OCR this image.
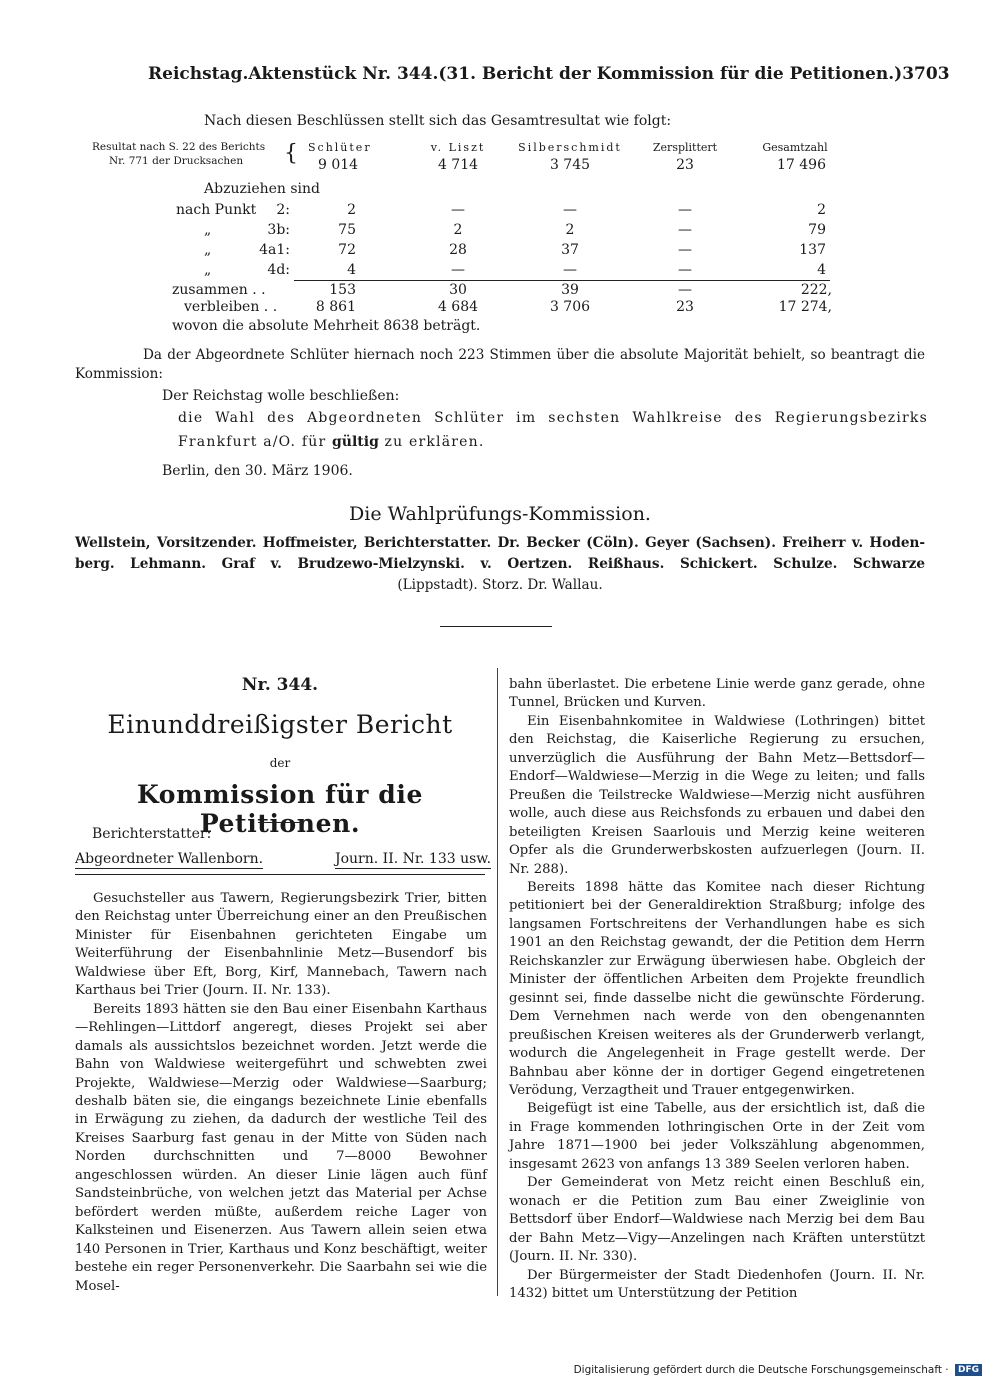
Reichstag. Aktenstück Nr. 344. (31. Bericht der Kommission für die Petitionen.) 3703
Nach diesen Beschlüssen stellt sich das Gesamtresultat wie folgt:
Resultat nach S. 22 des Berichts
Nr. 771 der Drucksachen	{ Schlüter	v. Liszt	Silberschmidt	Zersplittert	Gesamtzahl
9 014	4 714	3 745	23	17 496
Abzuziehen sind
nach Punkt	2:	2	—	—	—	2
„	3b:	75	2	2	—	79
„	4a1:	72	28	37	—	137
„	4d:	4	—	—	—	4
zusammen . .	153	30	39	—	222,
verbleiben . .	8 861	4 684	3 706	23	17 274,
wovon die absolute Mehrheit 8638 beträgt.
Da der Abgeordnete Schlüter hiernach noch 223 Stimmen über die absolute Majorität behielt, so beantragt die Kommission:
Der Reichstag wolle beschließen:
die Wahl des Abgeordneten Schlüter im sechsten Wahlkreise des Regierungsbezirks
Frankfurt a/O. für gültig zu erklären.
Berlin, den 30. März 1906.
Die Wahlprüfungs-Kommission.
Wellstein, Vorsitzender. Hoffmeister, Berichterstatter. Dr. Becker (Cöln). Geyer (Sachsen). Freiherr v. Hoden-
berg. Lehmann. Graf v. Brudzewo-Mielzynski. v. Oertzen. Reißhaus. Schickert. Schulze. Schwarze
(Lippstadt). Storz. Dr. Wallau.
Nr. 344.
Einunddreißigster Bericht
der
Kommission für die Petitionen.
Berichterstatter:
Abgeordneter Wallenborn.	Journ. II. Nr. 133 usw.

Gesuchsteller aus Tawern, Regierungsbezirk Trier, bitten den Reichstag unter Überreichung einer an den Preußischen Minister für Eisenbahnen gerichteten Eingabe um Weiterführung der Eisenbahnlinie Metz—Busendorf bis Waldwiese über Eft, Borg, Kirf, Mannebach, Tawern nach Karthaus bei Trier (Journ. II. Nr. 133).

Bereits 1893 hätten sie den Bau einer Eisenbahn Karthaus—Rehlingen—Littdorf angeregt, dieses Projekt sei aber damals als aussichtslos bezeichnet worden. Jetzt werde die Bahn von Waldwiese weitergeführt und schwebten zwei Projekte, Waldwiese—Merzig oder Waldwiese—Saarburg; deshalb bäten sie, die eingangs bezeichnete Linie ebenfalls in Erwägung zu ziehen, da dadurch der westliche Teil des Kreises Saarburg fast genau in der Mitte von Süden nach Norden durchschnitten und 7—8000 Bewohner angeschlossen würden. An dieser Linie lägen auch fünf Sandsteinbrüche, von welchen jetzt das Material per Achse befördert werden müßte, außerdem reiche Lager von Kalksteinen und Eisenerzen. Aus Tawern allein seien etwa 140 Personen in Trier, Karthaus und Konz beschäftigt, weiter bestehe ein reger Personenverkehr. Die Saarbahn sei wie die Mosel-

bahn überlastet. Die erbetene Linie werde ganz gerade, ohne Tunnel, Brücken und Kurven.

Ein Eisenbahnkomitee in Waldwiese (Lothringen) bittet den Reichstag, die Kaiserliche Regierung zu ersuchen, unverzüglich die Ausführung der Bahn Metz—Bettsdorf—Endorf—Waldwiese—Merzig in die Wege zu leiten; und falls Preußen die Teilstrecke Waldwiese—Merzig nicht ausführen wolle, auch diese aus Reichsfonds zu erbauen und dabei den beteiligten Kreisen Saarlouis und Merzig keine weiteren Opfer als die Grunderwerbskosten aufzuerlegen (Journ. II. Nr. 288).

Bereits 1898 hätte das Komitee nach dieser Richtung petitioniert bei der Generaldirektion Straßburg; infolge des langsamen Fortschreitens der Verhandlungen habe es sich 1901 an den Reichstag gewandt, der die Petition dem Herrn Reichskanzler zur Erwägung überwiesen habe. Obgleich der Minister der öffentlichen Arbeiten dem Projekte freundlich gesinnt sei, finde dasselbe nicht die gewünschte Förderung. Dem Vernehmen nach werde von den obengenannten preußischen Kreisen weiteres als der Grunderwerb verlangt, wodurch die Angelegenheit in Frage gestellt werde. Der Bahnbau aber könne der in dortiger Gegend eingetretenen Verödung, Verzagtheit und Trauer entgegenwirken.

Beigefügt ist eine Tabelle, aus der ersichtlich ist, daß die in Frage kommenden lothringischen Orte in der Zeit vom Jahre 1871—1900 bei jeder Volkszählung abgenommen, insgesamt 2623 von anfangs 13 389 Seelen verloren haben.

Der Gemeinderat von Metz reicht einen Beschluß ein, wonach er die Petition zum Bau einer Zweiglinie von Bettsdorf über Endorf—Waldwiese nach Merzig bei dem Bau der Bahn Metz—Vigy—Anzelingen nach Kräften unterstützt (Journ. II. Nr. 330).

Der Bürgermeister der Stadt Diedenhofen (Journ. II. Nr. 1432) bittet um Unterstützung der Petition

Digitalisierung gefördert durch die Deutsche Forschungsgemeinschaft · DFG
